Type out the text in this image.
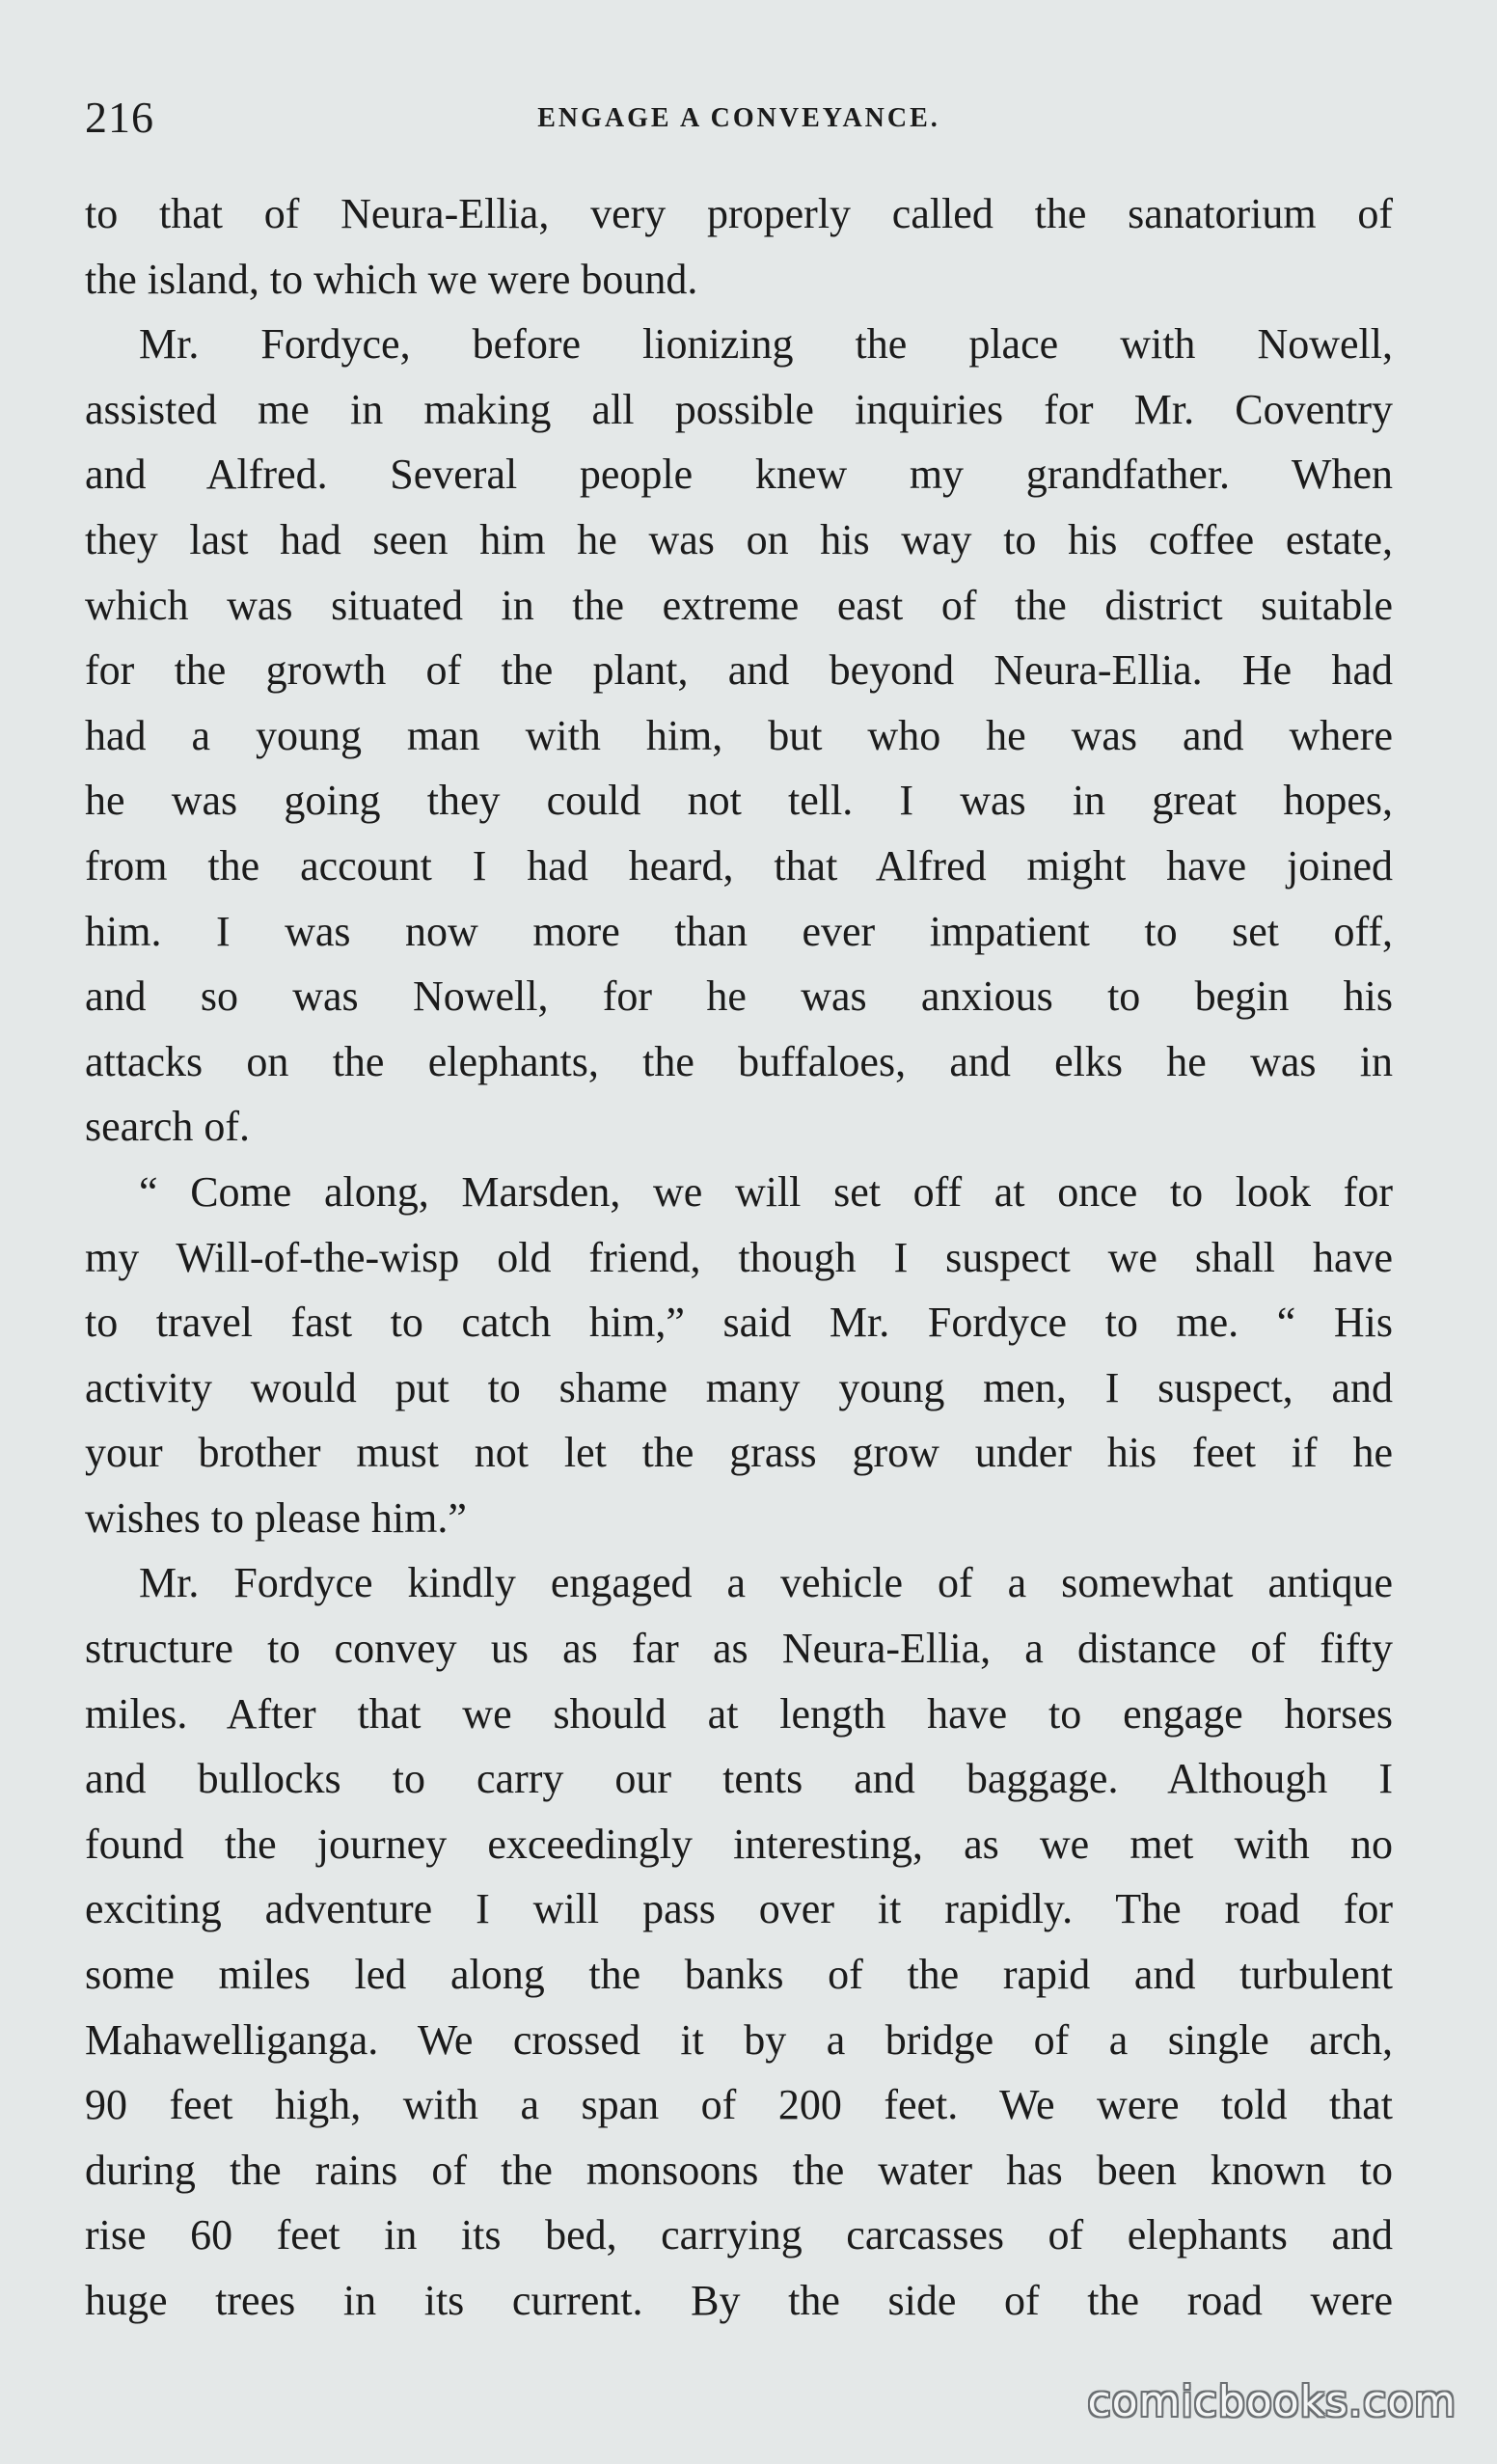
216	ENGAGE A CONVEYANCE.
to that of Neura-Ellia, very properly called the sanatorium of
the island, to which we were bound.
Mr. Fordyce, before lionizing the place with Nowell,
assisted me in making all possible inquiries for Mr. Coventry
and Alfred. Several people knew my grandfather. When
they last had seen him he was on his way to his coffee estate,
which was situated in the extreme east of the district suitable
for the growth of the plant, and beyond Neura-Ellia. He had
had a young man with him, but who he was and where
he was going they could not tell. I was in great hopes,
from the account I had heard, that Alfred might have joined
him. I was now more than ever impatient to set off,
and so was Nowell, for he was anxious to begin his
attacks on the elephants, the buffaloes, and elks he was in
search of.
“ Come along, Marsden, we will set off at once to look for
my Will-of-the-wisp old friend, though I suspect we shall have
to travel fast to catch him,” said Mr. Fordyce to me. “ His
activity would put to shame many young men, I suspect, and
your brother must not let the grass grow under his feet if he
wishes to please him.”
Mr. Fordyce kindly engaged a vehicle of a somewhat antique
structure to convey us as far as Neura-Ellia, a distance of fifty
miles. After that we should at length have to engage horses
and bullocks to carry our tents and baggage. Although I
found the journey exceedingly interesting, as we met with no
exciting adventure I will pass over it rapidly. The road for
some miles led along the banks of the rapid and turbulent
Mahawelliganga. We crossed it by a bridge of a single arch,
90 feet high, with a span of 200 feet. We were told that
during the rains of the monsoons the water has been known to
rise 60 feet in its bed, carrying carcasses of elephants and
huge trees in its current. By the side of the road were
comicbooks.com
